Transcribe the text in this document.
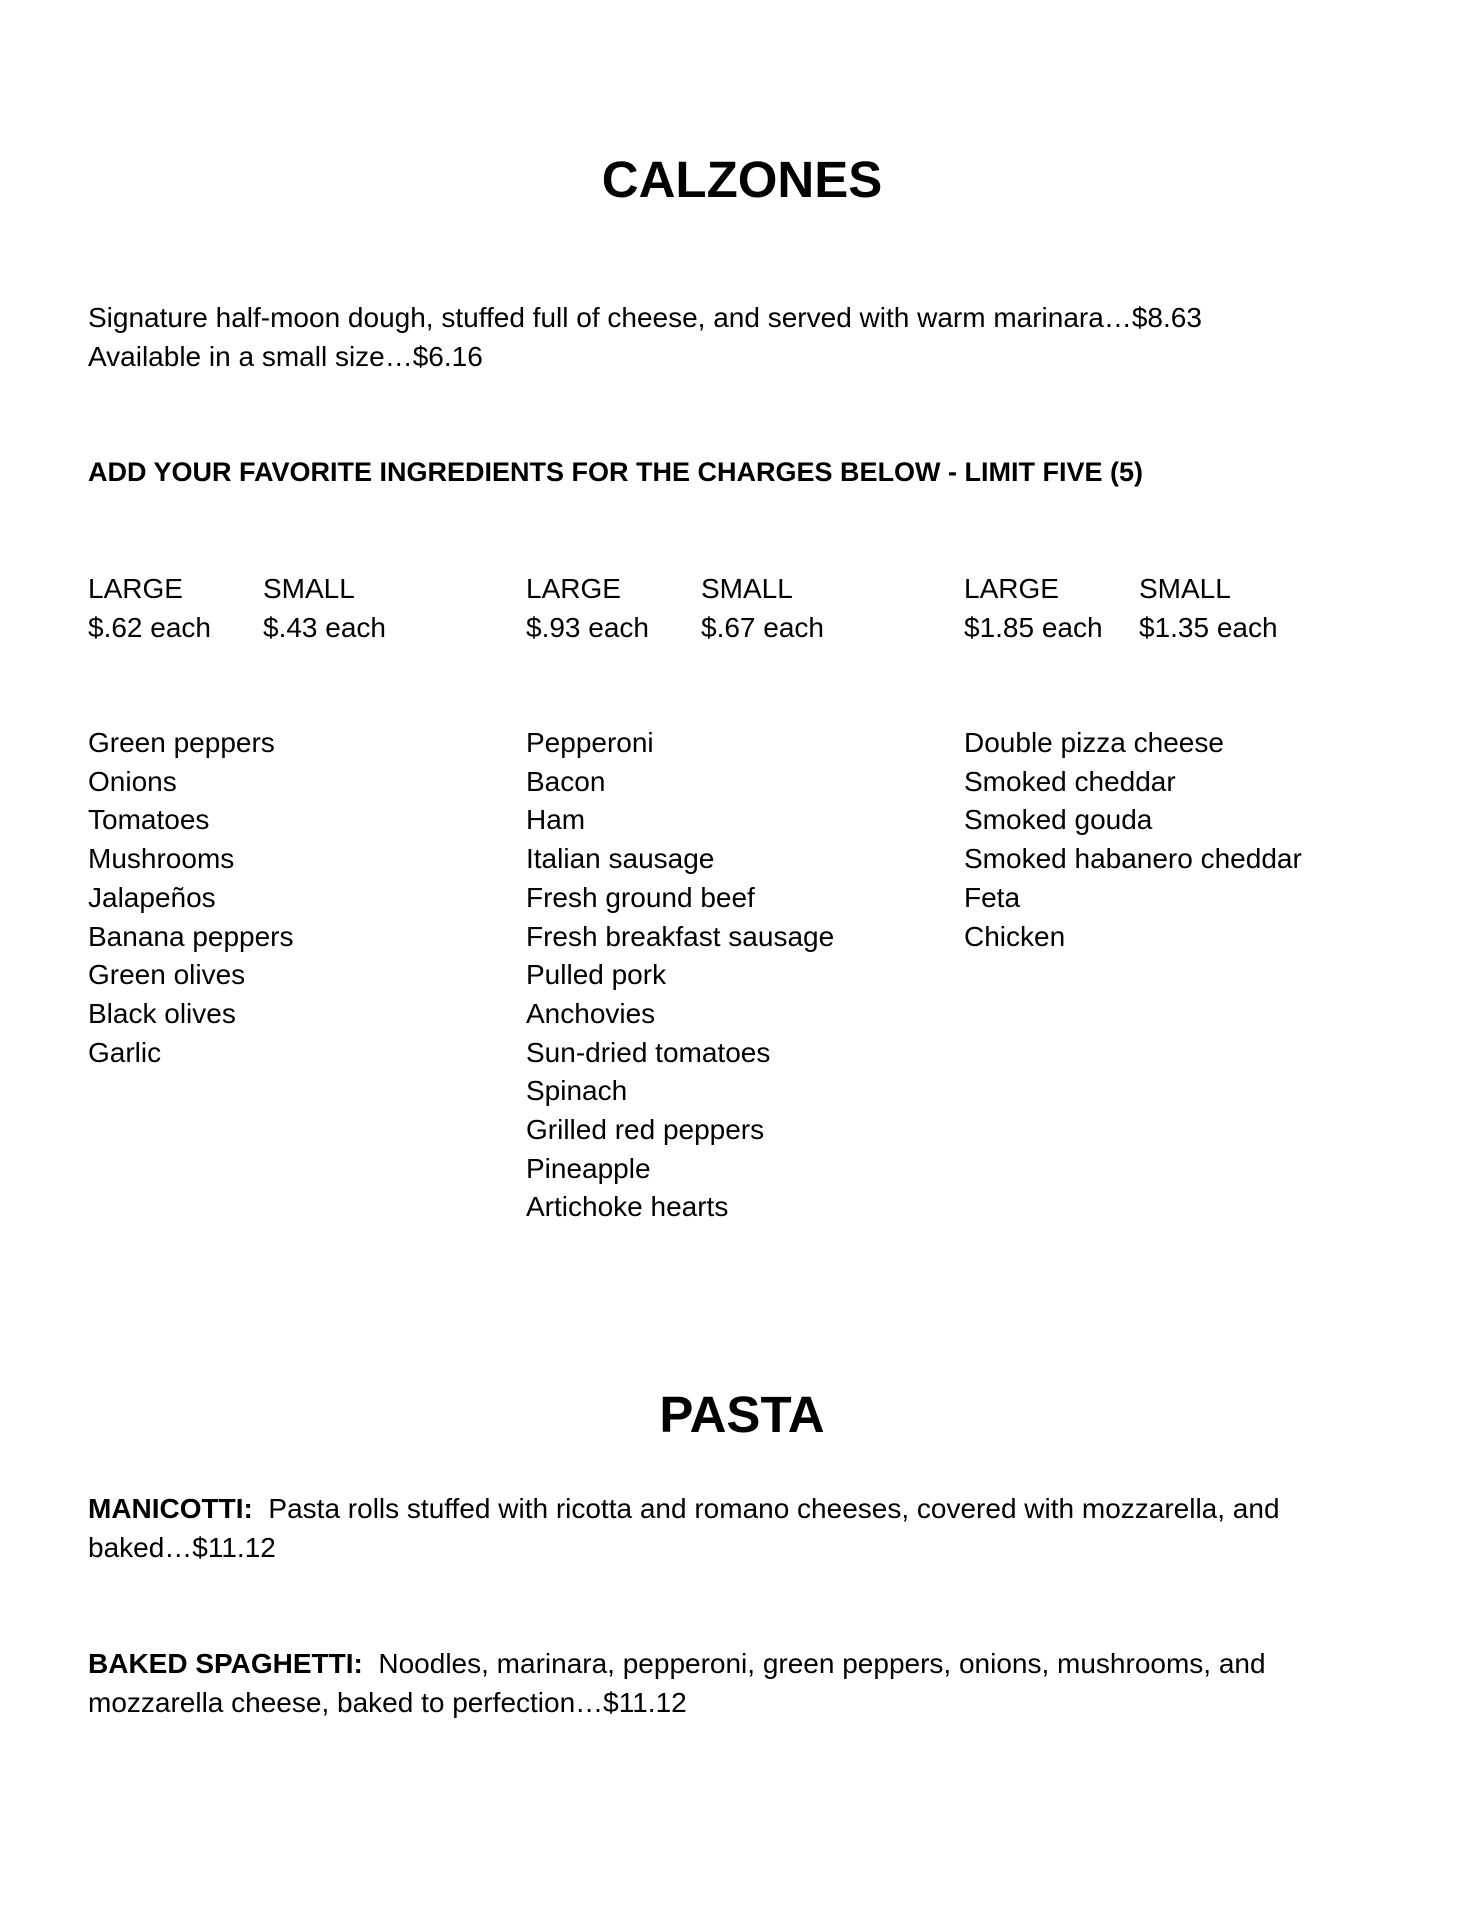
CALZONES
Signature half-moon dough, stuffed full of cheese, and served with warm marinara…$8.63
Available in a small size…$6.16
ADD YOUR FAVORITE INGREDIENTS FOR THE CHARGES BELOW - LIMIT FIVE (5)
LARGE	SMALL
$.62 each $.43 each
LARGE	SMALL
$.93 each $.67 each
LARGE	SMALL
$1.85 each $1.35 each
Green peppers
Onions
Tomatoes
Mushrooms
Jalapeños
Banana peppers
Green olives
Black olives
Garlic
Pepperoni
Bacon
Ham
Italian sausage
Fresh ground beef
Fresh breakfast sausage
Pulled pork
Anchovies
Sun-dried tomatoes
Spinach
Grilled red peppers
Pineapple
Artichoke hearts
Double pizza cheese
Smoked cheddar
Smoked gouda
Smoked habanero cheddar
Feta
Chicken
PASTA

MANICOTTI: Pasta rolls stuffed with ricotta and romano cheeses, covered with mozzarella, and baked…$11.12

BAKED SPAGHETTI: Noodles, marinara, pepperoni, green peppers, onions, mushrooms, and mozzarella cheese, baked to perfection…$11.12
